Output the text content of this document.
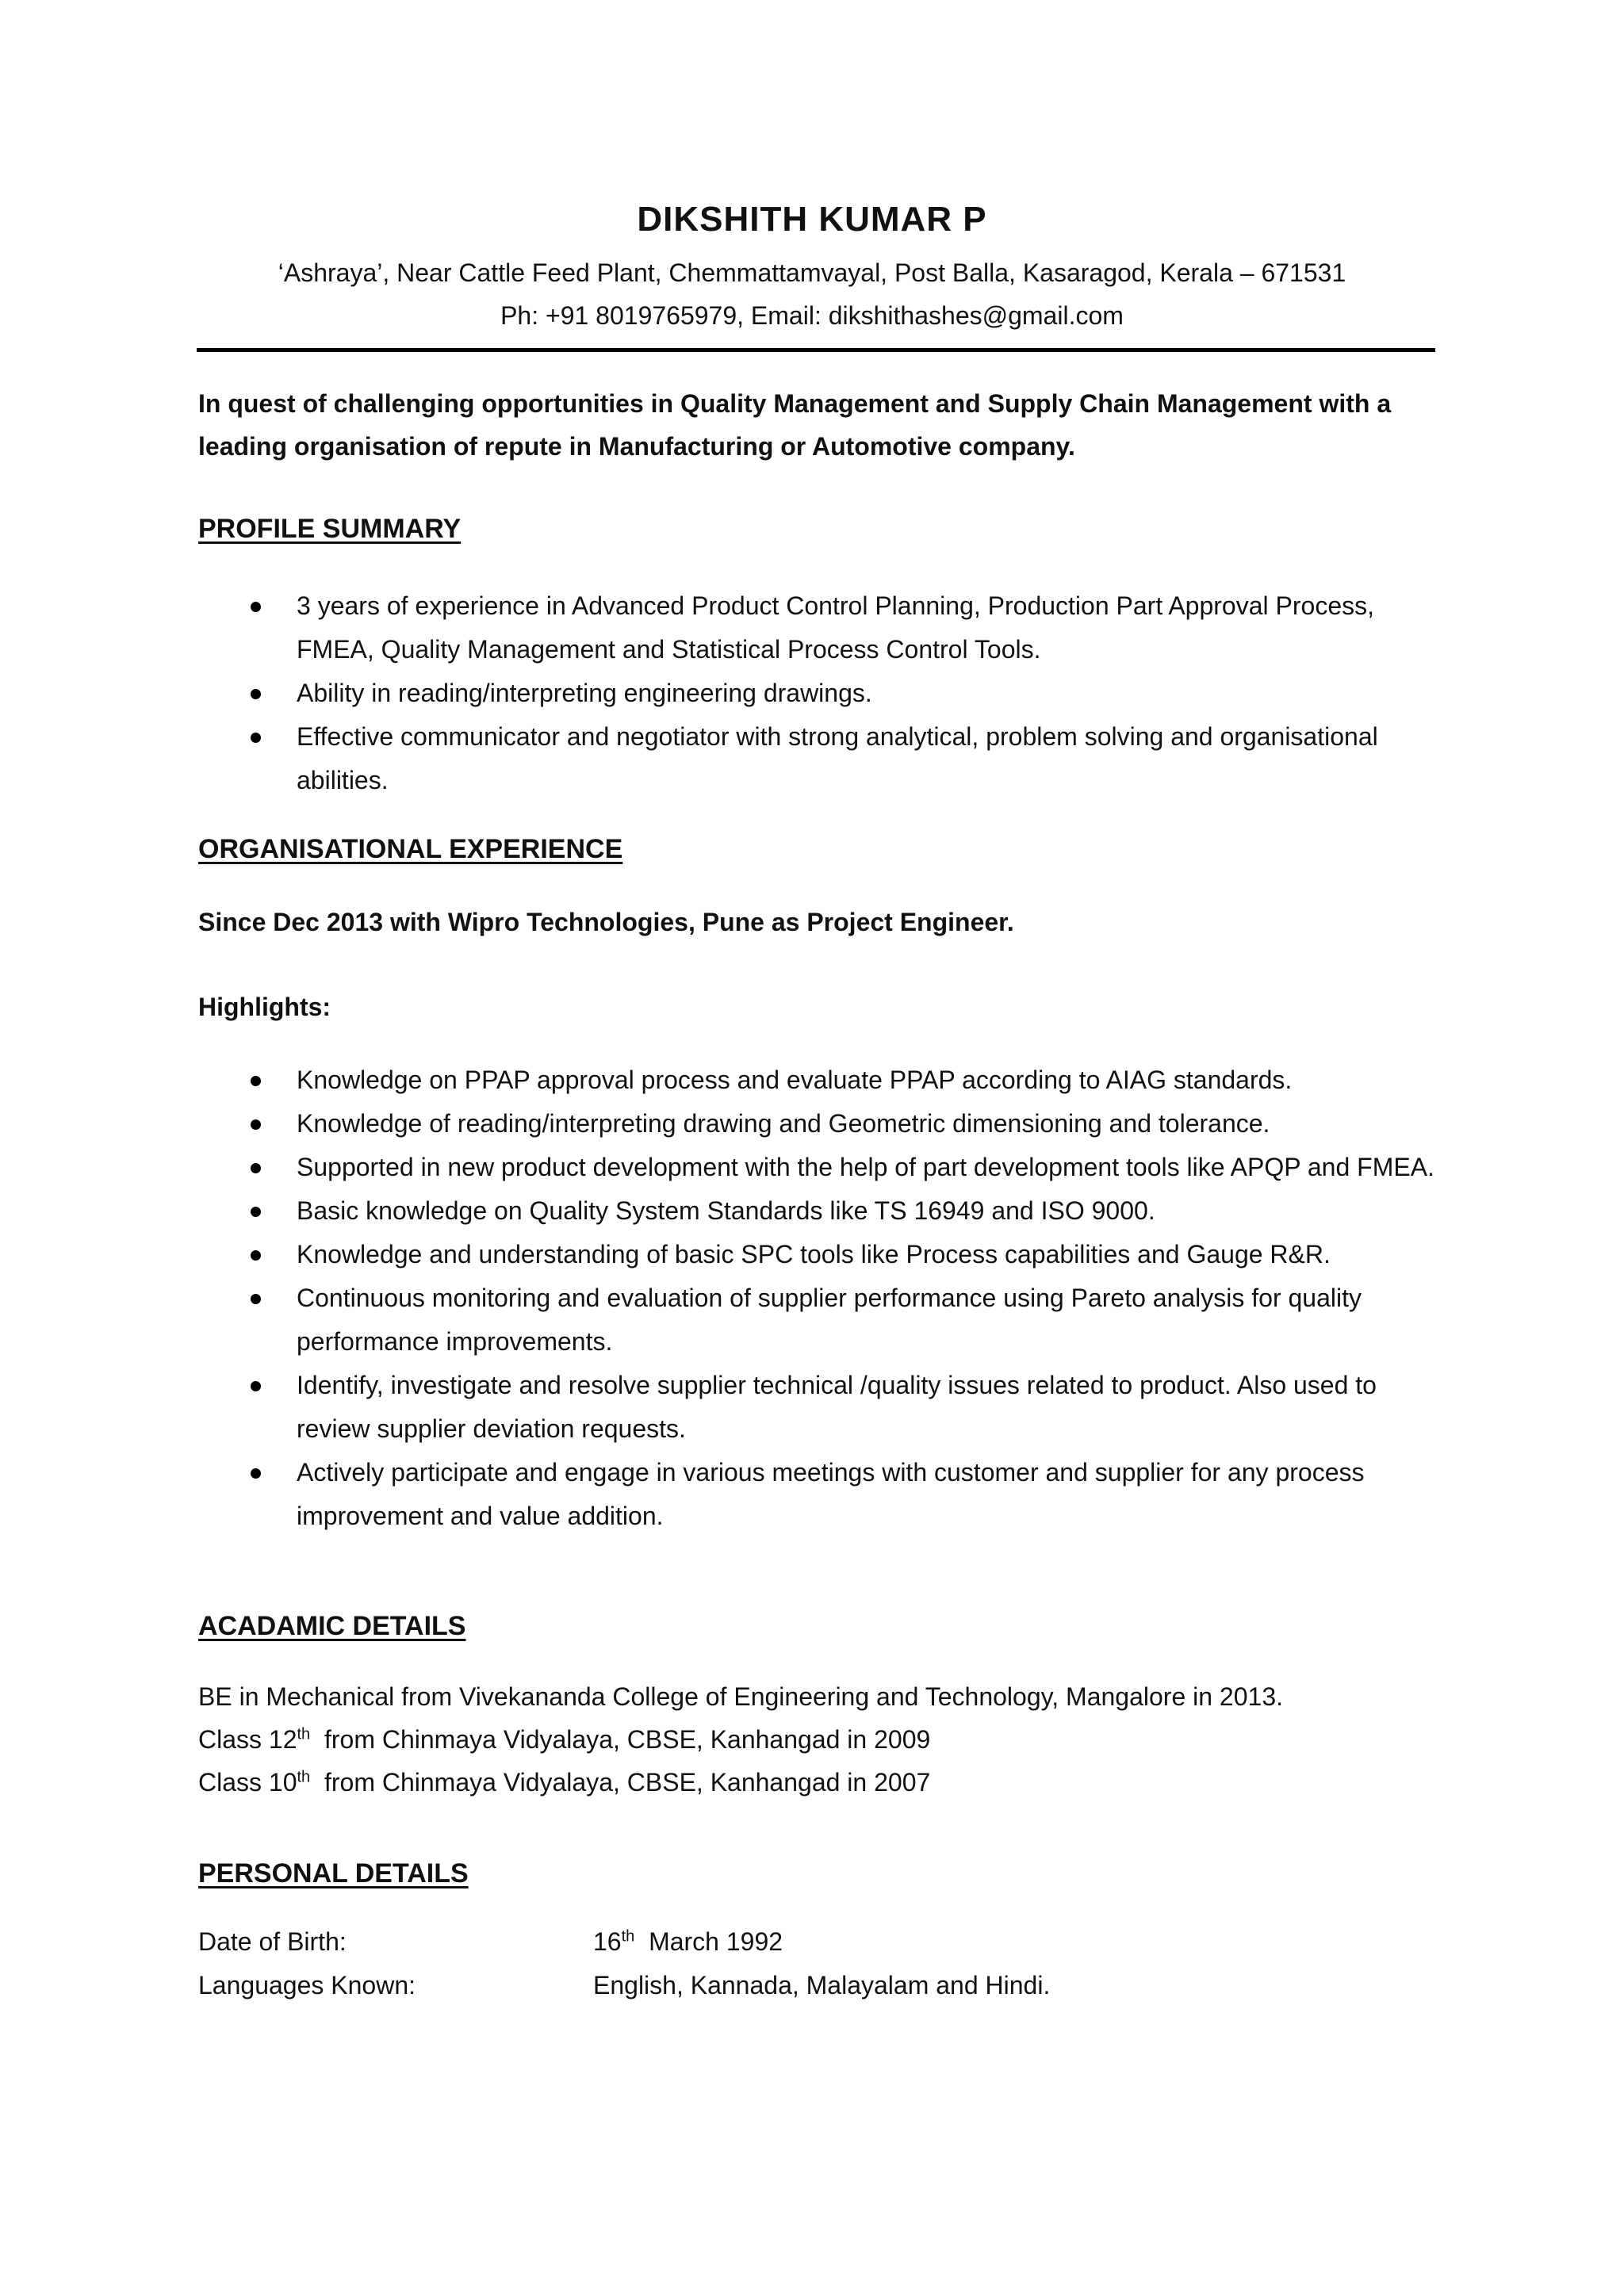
DIKSHITH KUMAR P
‘Ashraya’, Near Cattle Feed Plant, Chemmattamvayal, Post Balla, Kasaragod, Kerala – 671531
Ph: +91 8019765979, Email: dikshithashes@gmail.com
In quest of challenging opportunities in Quality Management and Supply Chain Management with a leading organisation of repute in Manufacturing or Automotive company.
PROFILE SUMMARY
3 years of experience in Advanced Product Control Planning, Production Part Approval Process, FMEA, Quality Management and Statistical Process Control Tools.
Ability in reading/interpreting engineering drawings.
Effective communicator and negotiator with strong analytical, problem solving and organisational abilities.
ORGANISATIONAL EXPERIENCE
Since Dec 2013 with Wipro Technologies, Pune as Project Engineer.
Highlights:
Knowledge on PPAP approval process and evaluate PPAP according to AIAG standards.
Knowledge of reading/interpreting drawing and Geometric dimensioning and tolerance.
Supported in new product development with the help of part development tools like APQP and FMEA.
Basic knowledge on Quality System Standards like TS 16949 and ISO 9000.
Knowledge and understanding of basic SPC tools like Process capabilities and Gauge R&R.
Continuous monitoring and evaluation of supplier performance using Pareto analysis for quality performance improvements.
Identify, investigate and resolve supplier technical /quality issues related to product. Also used to review supplier deviation requests.
Actively participate and engage in various meetings with customer and supplier for any process improvement and value addition.
ACADAMIC DETAILS
BE in Mechanical from Vivekananda College of Engineering and Technology, Mangalore in 2013.
Class 12th  from Chinmaya Vidyalaya, CBSE, Kanhangad in 2009
Class 10th  from Chinmaya Vidyalaya, CBSE, Kanhangad in 2007
PERSONAL DETAILS
Date of Birth:	16th  March 1992
Languages Known:	English, Kannada, Malayalam and Hindi.
